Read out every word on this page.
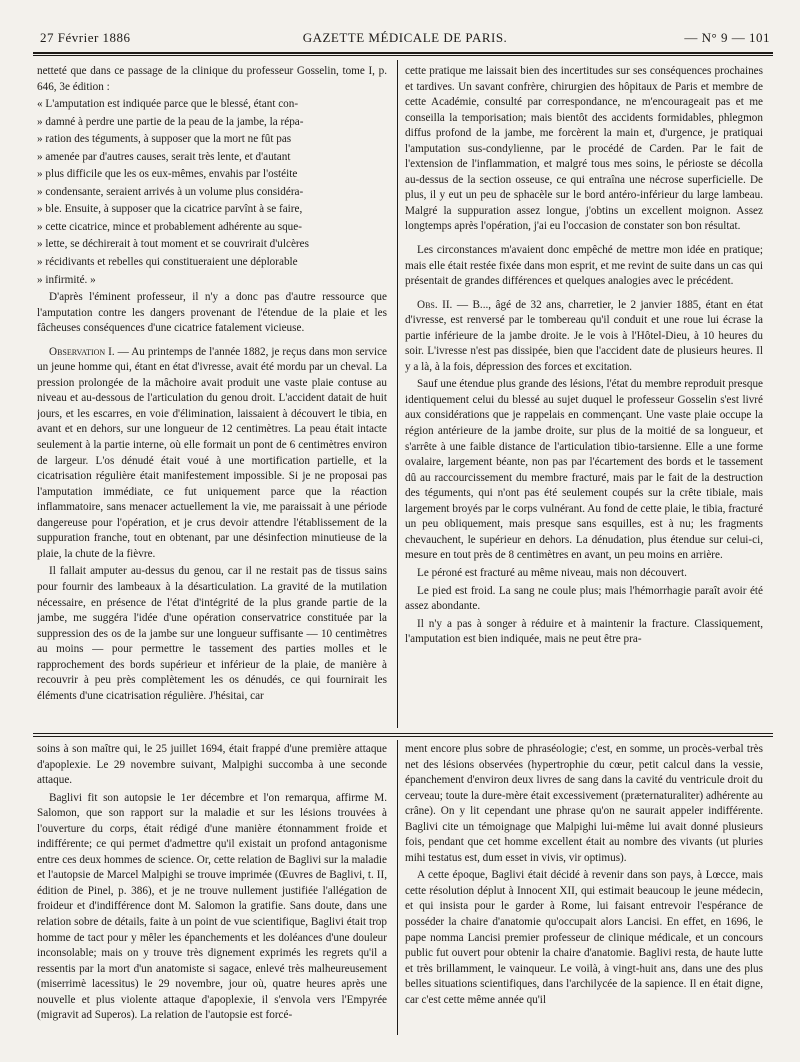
27 Février 1886	GAZETTE MÉDICALE DE PARIS.	— N° 9 — 101

netteté que dans ce passage de la clinique du professeur Gosselin, tome I, p. 646, 3e édition :

« L'amputation est indiquée parce que le blessé, étant con-

» damné à perdre une partie de la peau de la jambe, la répa-

» ration des téguments, à supposer que la mort ne fût pas

» amenée par d'autres causes, serait très lente, et d'autant

» plus difficile que les os eux-mêmes, envahis par l'ostéite

» condensante, seraient arrivés à un volume plus considéra-

» ble. Ensuite, à supposer que la cicatrice parvînt à se faire,

» cette cicatrice, mince et probablement adhérente au sque-

» lette, se déchirerait à tout moment et se couvrirait d'ulcères

» récidivants et rebelles qui constitueraient une déplorable

» infirmité. »

D'après l'éminent professeur, il n'y a donc pas d'autre ressource que l'amputation contre les dangers provenant de l'étendue de la plaie et les fâcheuses conséquences d'une cicatrice fatalement vicieuse.

Observation I. — Au printemps de l'année 1882, je reçus dans mon service un jeune homme qui, étant en état d'ivresse, avait été mordu par un cheval. La pression prolongée de la mâchoire avait produit une vaste plaie contuse au niveau et au-dessous de l'articulation du genou droit. L'accident datait de huit jours, et les escarres, en voie d'élimination, laissaient à découvert le tibia, en avant et en dehors, sur une longueur de 12 centimètres. La peau était intacte seulement à la partie interne, où elle formait un pont de 6 centimètres environ de largeur. L'os dénudé était voué à une mortification partielle, et la cicatrisation régulière était manifestement impossible. Si je ne proposai pas l'amputation immédiate, ce fut uniquement parce que la réaction inflammatoire, sans menacer actuellement la vie, me paraissait à une période dangereuse pour l'opération, et je crus devoir attendre l'établissement de la suppuration franche, tout en obtenant, par une désinfection minutieuse de la plaie, la chute de la fièvre.

Il fallait amputer au-dessus du genou, car il ne restait pas de tissus sains pour fournir des lambeaux à la désarticulation. La gravité de la mutilation nécessaire, en présence de l'état d'intégrité de la plus grande partie de la jambe, me suggéra l'idée d'une opération conservatrice constituée par la suppression des os de la jambe sur une longueur suffisante — 10 centimètres au moins — pour permettre le tassement des parties molles et le rapprochement des bords supérieur et inférieur de la plaie, de manière à recouvrir à peu près complètement les os dénudés, ce qui fournirait les éléments d'une cicatrisation régulière. J'hésitai, car

cette pratique me laissait bien des incertitudes sur ses conséquences prochaines et tardives. Un savant confrère, chirurgien des hôpitaux de Paris et membre de cette Académie, consulté par correspondance, ne m'encourageait pas et me conseilla la temporisation; mais bientôt des accidents formidables, phlegmon diffus profond de la jambe, me forcèrent la main et, d'urgence, je pratiquai l'amputation sus-condylienne, par le procédé de Carden. Par le fait de l'extension de l'inflammation, et malgré tous mes soins, le périoste se décolla au-dessus de la section osseuse, ce qui entraîna une nécrose superficielle. De plus, il y eut un peu de sphacèle sur le bord antéro-inférieur du large lambeau. Malgré la suppuration assez longue, j'obtins un excellent moignon. Assez longtemps après l'opération, j'ai eu l'occasion de constater son bon résultat.

Les circonstances m'avaient donc empêché de mettre mon idée en pratique; mais elle était restée fixée dans mon esprit, et me revint de suite dans un cas qui présentait de grandes différences et quelques analogies avec le précédent.

Obs. II. — B..., âgé de 32 ans, charretier, le 2 janvier 1885, étant en état d'ivresse, est renversé par le tombereau qu'il conduit et une roue lui écrase la partie inférieure de la jambe droite. Je le vois à l'Hôtel-Dieu, à 10 heures du soir. L'ivresse n'est pas dissipée, bien que l'accident date de plusieurs heures. Il y a là, à la fois, dépression des forces et excitation.

Sauf une étendue plus grande des lésions, l'état du membre reproduit presque identiquement celui du blessé au sujet duquel le professeur Gosselin s'est livré aux considérations que je rappelais en commençant. Une vaste plaie occupe la région antérieure de la jambe droite, sur plus de la moitié de sa longueur, et s'arrête à une faible distance de l'articulation tibio-tarsienne. Elle a une forme ovalaire, largement béante, non pas par l'écartement des bords et le tassement dû au raccourcissement du membre fracturé, mais par le fait de la destruction des téguments, qui n'ont pas été seulement coupés sur la crête tibiale, mais largement broyés par le corps vulnérant. Au fond de cette plaie, le tibia, fracturé un peu obliquement, mais presque sans esquilles, est à nu; les fragments chevauchent, le supérieur en dehors. La dénudation, plus étendue sur celui-ci, mesure en tout près de 8 centimètres en avant, un peu moins en arrière.

Le péroné est fracturé au même niveau, mais non découvert.

Le pied est froid. La sang ne coule plus; mais l'hémorrhagie paraît avoir été assez abondante.

Il n'y a pas à songer à réduire et à maintenir la fracture. Classiquement, l'amputation est bien indiquée, mais ne peut être pra-

soins à son maître qui, le 25 juillet 1694, était frappé d'une première attaque d'apoplexie. Le 29 novembre suivant, Malpighi succomba à une seconde attaque.

Baglivi fit son autopsie le 1er décembre et l'on remarqua, affirme M. Salomon, que son rapport sur la maladie et sur les lésions trouvées à l'ouverture du corps, était rédigé d'une manière étonnamment froide et indifférente; ce qui permet d'admettre qu'il existait un profond antagonisme entre ces deux hommes de science. Or, cette relation de Baglivi sur la maladie et l'autopsie de Marcel Malpighi se trouve imprimée (Œuvres de Baglivi, t. II, édition de Pinel, p. 386), et je ne trouve nullement justifiée l'allégation de froideur et d'indifférence dont M. Salomon la gratifie. Sans doute, dans une relation sobre de détails, faite à un point de vue scientifique, Baglivi était trop homme de tact pour y mêler les épanchements et les doléances d'une douleur inconsolable; mais on y trouve très dignement exprimés les regrets qu'il a ressentis par la mort d'un anatomiste si sagace, enlevé très malheureusement (miserrimè lacessitus) le 29 novembre, jour où, quatre heures après une nouvelle et plus violente attaque d'apoplexie, il s'envola vers l'Empyrée (migravit ad Superos). La relation de l'autopsie est forcé-

ment encore plus sobre de phraséologie; c'est, en somme, un procès-verbal très net des lésions observées (hypertrophie du cœur, petit calcul dans la vessie, épanchement d'environ deux livres de sang dans la cavité du ventricule droit du cerveau; toute la dure-mère était excessivement (præternaturaliter) adhérente au crâne). On y lit cependant une phrase qu'on ne saurait appeler indifférente. Baglivi cite un témoignage que Malpighi lui-même lui avait donné plusieurs fois, pendant que cet homme excellent était au nombre des vivants (ut pluries mihi testatus est, dum esset in vivis, vir optimus).

A cette époque, Baglivi était décidé à revenir dans son pays, à Lœcce, mais cette résolution déplut à Innocent XII, qui estimait beaucoup le jeune médecin, et qui insista pour le garder à Rome, lui faisant entrevoir l'espérance de posséder la chaire d'anatomie qu'occupait alors Lancisi. En effet, en 1696, le pape nomma Lancisi premier professeur de clinique médicale, et un concours public fut ouvert pour obtenir la chaire d'anatomie. Baglivi resta, de haute lutte et très brillamment, le vainqueur. Le voilà, à vingt-huit ans, dans une des plus belles situations scientifiques, dans l'archilycée de la sapience. Il en était digne, car c'est cette même année qu'il
